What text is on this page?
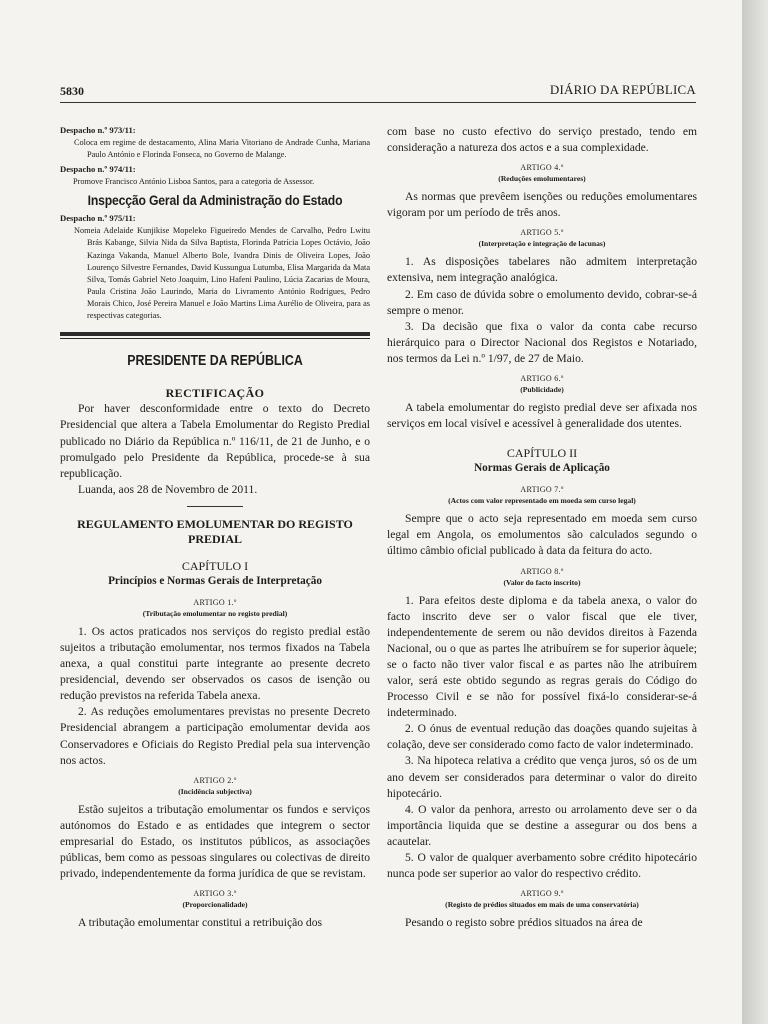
5830	DIÁRIO DA REPÚBLICA
Despacho n.º 973/11:
Coloca em regime de destacamento, Alina Maria Vitoriano de Andrade Cunha, Mariana Paulo António e Florinda Fonseca, no Governo de Malange.
Despacho n.º 974/11:
Promove Francisco António Lisboa Santos, para a categoria de Assessor.
Inspecção Geral da Administração do Estado
Despacho n.º 975/11:
Nomeia Adelaide Kunjikise Mopeleko Figueiredo Mendes de Carvalho, Pedro Lwitu Brás Kabange, Silvia Nida da Silva Baptista, Florinda Patrícia Lopes Octávio, João Kazinga Vakanda, Manuel Alberto Bole, Ivandra Dinis de Oliveira Lopes, João Lourenço Silvestre Fernandes, David Kussungua Lutumba, Elisa Margarida da Mata Silva, Tomás Gabriel Neto Joaquim, Lino Hafeni Paulino, Lúcia Zacarias de Moura, Paula Cristina João Laurindo, Maria do Livramento António Rodrigues, Pedro Morais Chico, José Pereira Manuel e João Martins Lima Aurélio de Oliveira, para as respectivas categorias.
PRESIDENTE DA REPÚBLICA
RECTIFICAÇÃO

Por haver desconformidade entre o texto do Decreto Presidencial que altera a Tabela Emolumentar do Registo Predial publicado no Diário da República n.º 116/11, de 21 de Junho, e o promulgado pelo Presidente da República, procede-se à sua republicação.

Luanda, aos 28 de Novembro de 2011.

REGULAMENTO EMOLUMENTAR DO REGISTO PREDIAL
CAPÍTULO I
Princípios e Normas Gerais de Interpretação
ARTIGO 1.º
(Tributação emolumentar no registo predial)

1. Os actos praticados nos serviços do registo predial estão sujeitos a tributação emolumentar, nos termos fixados na Tabela anexa, a qual constitui parte integrante ao presente decreto presidencial, devendo ser observados os casos de isenção ou redução previstos na referida Tabela anexa.

2. As reduções emolumentares previstas no presente Decreto Presidencial abrangem a participação emolumentar devida aos Conservadores e Oficiais do Registo Predial pela sua intervenção nos actos.

ARTIGO 2.º
(Incidência subjectiva)

Estão sujeitos a tributação emolumentar os fundos e serviços autónomos do Estado e as entidades que integrem o sector empresarial do Estado, os institutos públicos, as associações públicas, bem como as pessoas singulares ou colectivas de direito privado, independentemente da forma jurídica de que se revistam.

ARTIGO 3.º
(Proporcionalidade)

A tributação emolumentar constitui a retribuição dos

com base no custo efectivo do serviço prestado, tendo em consideração a natureza dos actos e a sua complexidade.

ARTIGO 4.º
(Reduções emolumentares)

As normas que prevêem isenções ou reduções emolumentares vigoram por um período de três anos.

ARTIGO 5.º
(Interpretação e integração de lacunas)

1. As disposições tabelares não admitem interpretação extensiva, nem integração analógica.

2. Em caso de dúvida sobre o emolumento devido, cobrar-se-á sempre o menor.

3. Da decisão que fixa o valor da conta cabe recurso hierárquico para o Director Nacional dos Registos e Notariado, nos termos da Lei n.º 1/97, de 27 de Maio.

ARTIGO 6.º
(Publicidade)

A tabela emolumentar do registo predial deve ser afixada nos serviços em local visível e acessível à generalidade dos utentes.

CAPÍTULO II
Normas Gerais de Aplicação
ARTIGO 7.º
(Actos com valor representado em moeda sem curso legal)

Sempre que o acto seja representado em moeda sem curso legal em Angola, os emolumentos são calculados segundo o último câmbio oficial publicado à data da feitura do acto.

ARTIGO 8.º
(Valor do facto inscrito)

1. Para efeitos deste diploma e da tabela anexa, o valor do facto inscrito deve ser o valor fiscal que ele tiver, independentemente de serem ou não devidos direitos à Fazenda Nacional, ou o que as partes lhe atribuírem se for superior àquele; se o facto não tiver valor fiscal e as partes não lhe atribuírem valor, será este obtido segundo as regras gerais do Código do Processo Civil e se não for possível fixá-lo considerar-se-á indeterminado.

2. O ónus de eventual redução das doações quando sujeitas à colação, deve ser considerado como facto de valor indeterminado.

3. Na hipoteca relativa a crédito que vença juros, só os de um ano devem ser considerados para determinar o valor do direito hipotecário.

4. O valor da penhora, arresto ou arrolamento deve ser o da importância liquida que se destine a assegurar ou dos bens a acautelar.

5. O valor de qualquer averbamento sobre crédito hipotecário nunca pode ser superior ao valor do respectivo crédito.

ARTIGO 9.º
(Registo de prédios situados em mais de uma conservatória)

Pesando o registo sobre prédios situados na área de
